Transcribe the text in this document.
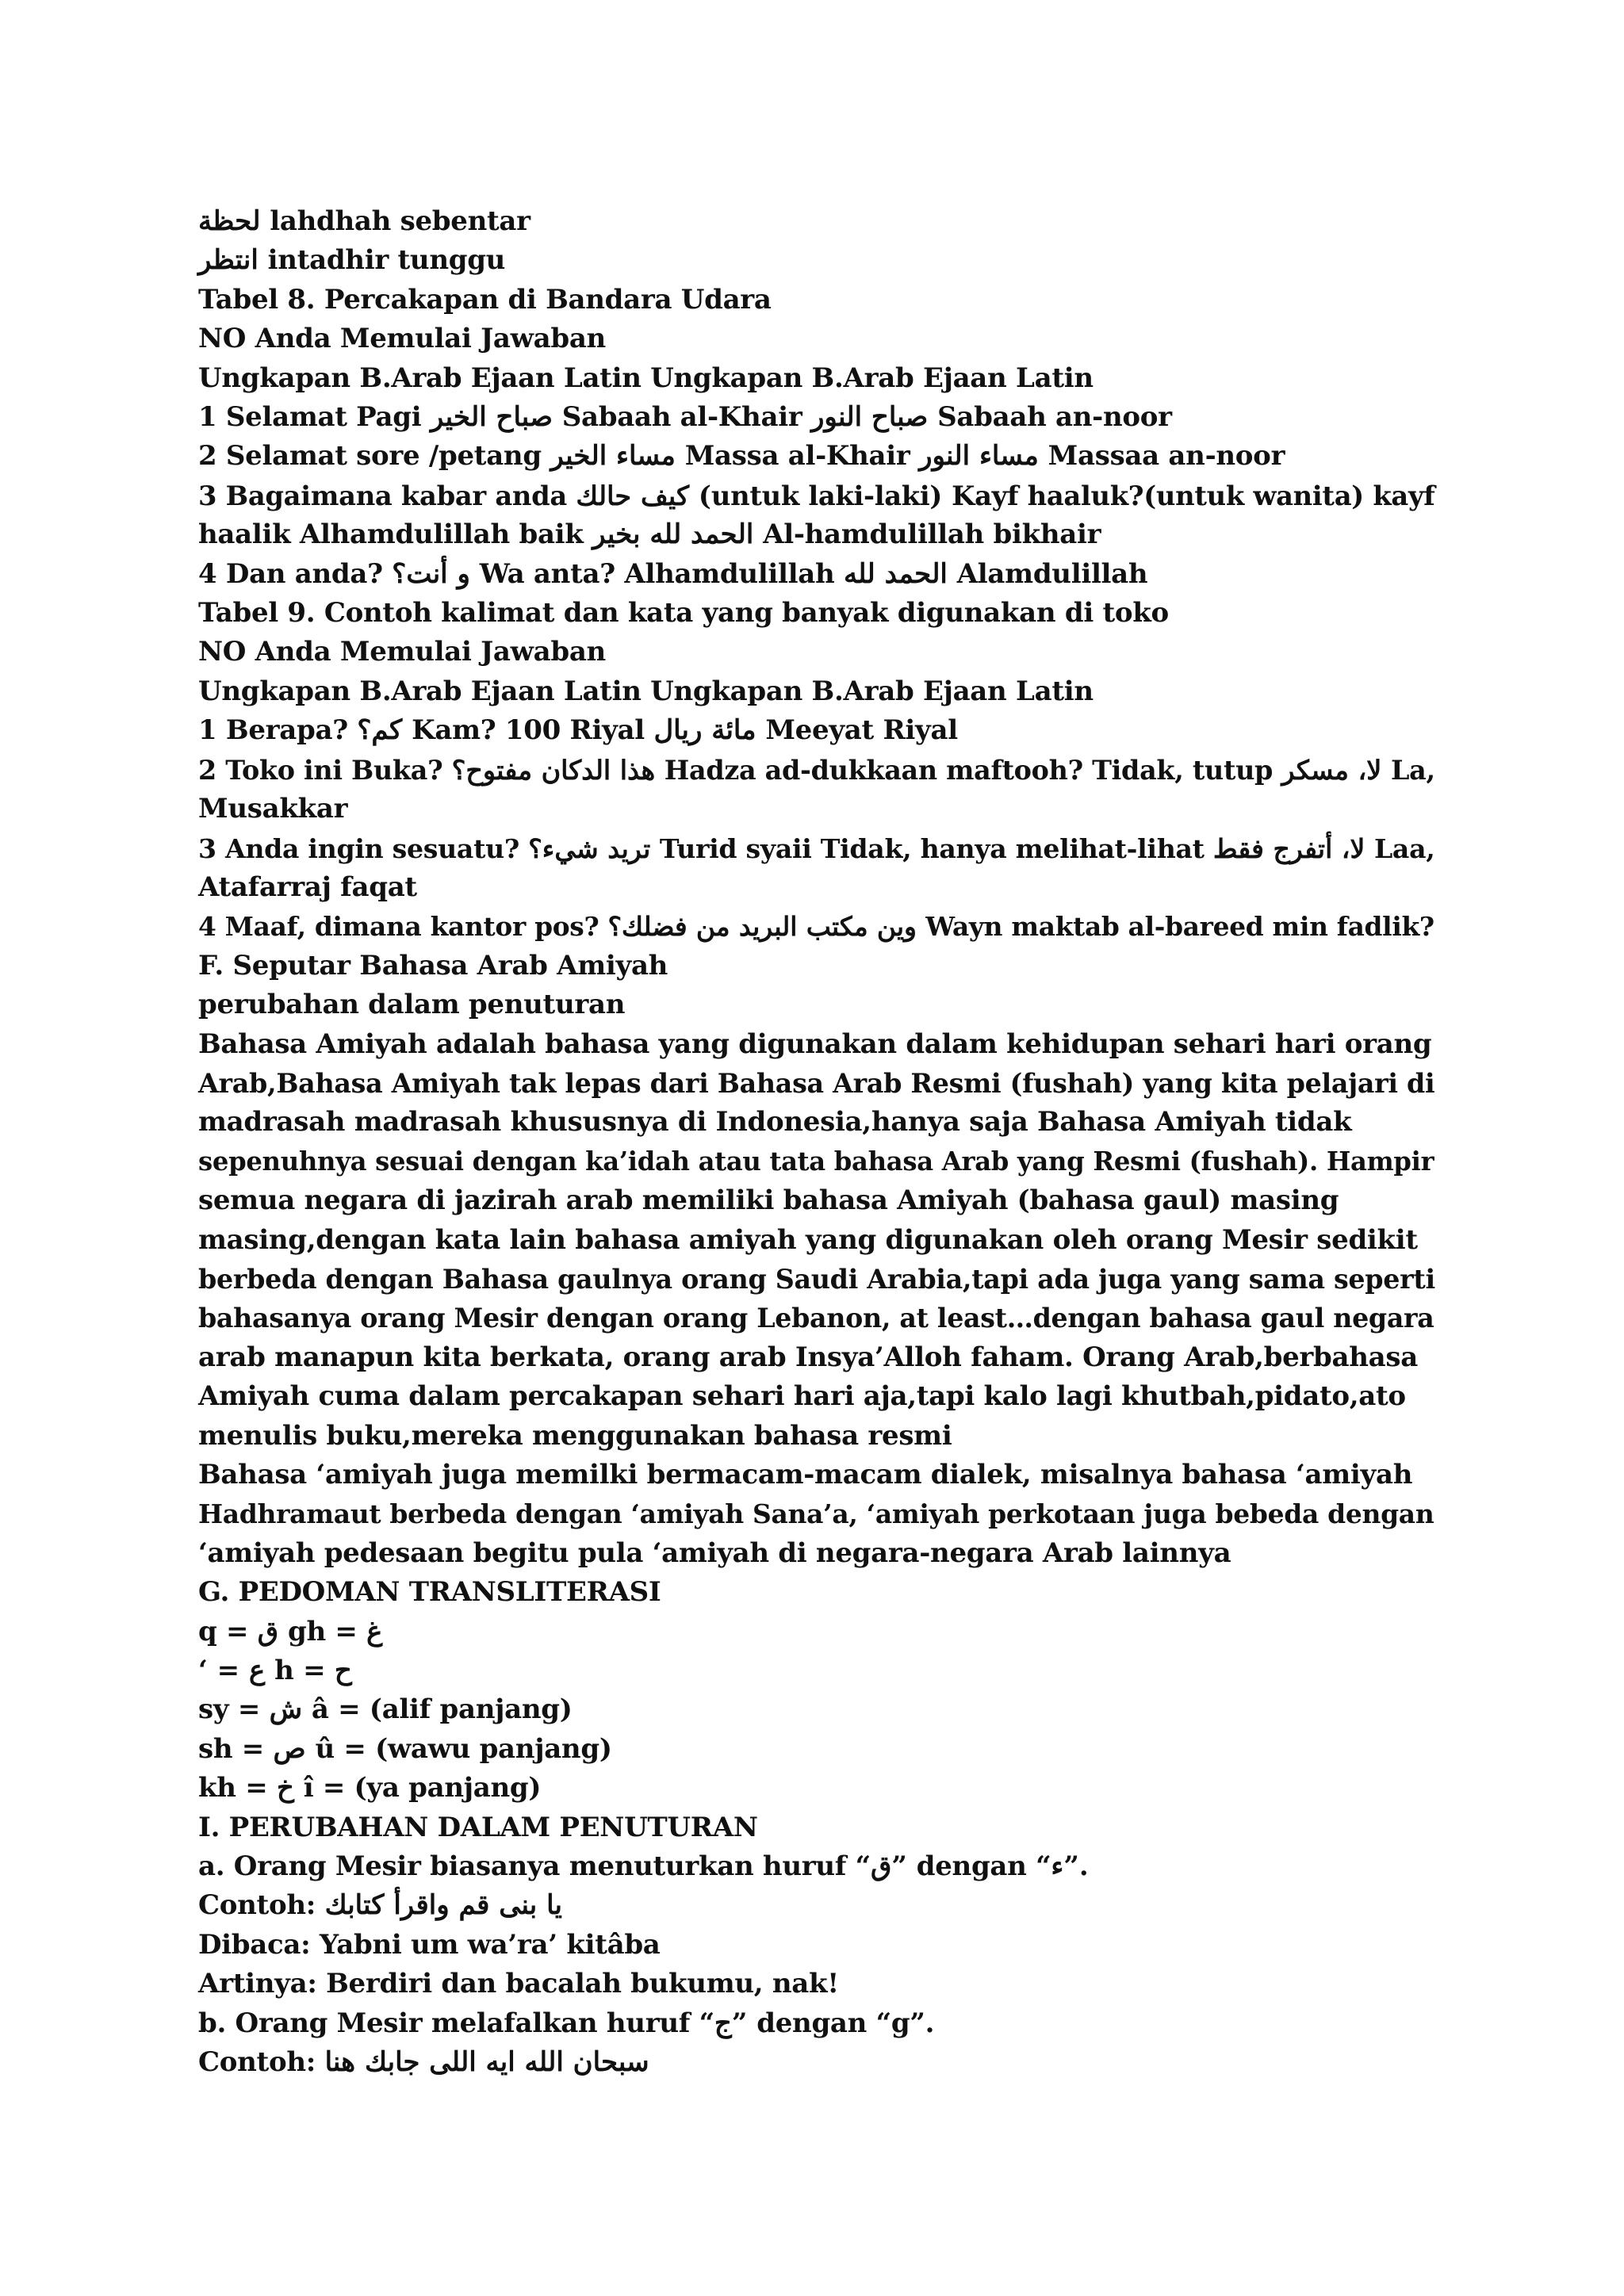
لحظة lahdhah sebentar
انتظر intadhir tunggu
Tabel 8. Percakapan di Bandara Udara
NO Anda Memulai Jawaban
Ungkapan B.Arab Ejaan Latin Ungkapan B.Arab Ejaan Latin
1 Selamat Pagi صباح الخير Sabaah al-Khair صباح النور Sabaah an-noor
2 Selamat sore /petang مساء الخير Massa al-Khair مساء النور Massaa an-noor
3 Bagaimana kabar anda كيف حالك (untuk laki-laki) Kayf haaluk?(untuk wanita) kayf
haalik Alhamdulillah baik الحمد لله بخير Al-hamdulillah bikhair
4 Dan anda? و أنت؟ Wa anta? Alhamdulillah الحمد لله Alamdulillah
Tabel 9. Contoh kalimat dan kata yang banyak digunakan di toko
NO Anda Memulai Jawaban
Ungkapan B.Arab Ejaan Latin Ungkapan B.Arab Ejaan Latin
1 Berapa? كم؟ Kam? 100 Riyal مائة ريال Meeyat Riyal
2 Toko ini Buka? هذا الدكان مفتوح؟ Hadza ad-dukkaan maftooh? Tidak, tutup لا، مسكر La,
Musakkar
3 Anda ingin sesuatu? تريد شيء؟ Turid syaii Tidak, hanya melihat-lihat لا، أتفرج فقط Laa,
Atafarraj faqat
4 Maaf, dimana kantor pos? وين مكتب البريد من فضلك؟ Wayn maktab al-bareed min fadlik?
F. Seputar Bahasa Arab Amiyah
perubahan dalam penuturan
Bahasa Amiyah adalah bahasa yang digunakan dalam kehidupan sehari hari orang
Arab,Bahasa Amiyah tak lepas dari Bahasa Arab Resmi (fushah) yang kita pelajari di
madrasah madrasah khususnya di Indonesia,hanya saja Bahasa Amiyah tidak
sepenuhnya sesuai dengan ka’idah atau tata bahasa Arab yang Resmi (fushah). Hampir
semua negara di jazirah arab memiliki bahasa Amiyah (bahasa gaul) masing
masing,dengan kata lain bahasa amiyah yang digunakan oleh orang Mesir sedikit
berbeda dengan Bahasa gaulnya orang Saudi Arabia,tapi ada juga yang sama seperti
bahasanya orang Mesir dengan orang Lebanon, at least…dengan bahasa gaul negara
arab manapun kita berkata, orang arab Insya’Alloh faham. Orang Arab,berbahasa
Amiyah cuma dalam percakapan sehari hari aja,tapi kalo lagi khutbah,pidato,ato
menulis buku,mereka menggunakan bahasa resmi
Bahasa ‘amiyah juga memilki bermacam-macam dialek, misalnya bahasa ‘amiyah
Hadhramaut berbeda dengan ‘amiyah Sana’a, ‘amiyah perkotaan juga bebeda dengan
‘amiyah pedesaan begitu pula ‘amiyah di negara-negara Arab lainnya
G. PEDOMAN TRANSLITERASI
q = ق gh = غ
‘ = ع h = ح
sy = ش â = (alif panjang)
sh = ص û = (wawu panjang)
kh = خ î = (ya panjang)
I. PERUBAHAN DALAM PENUTURAN
a. Orang Mesir biasanya menuturkan huruf “ق” dengan “ء”.
Contoh: يا بنى قم واقرأ كتابك
Dibaca: Yabni um wa’ra’ kitâba
Artinya: Berdiri dan bacalah bukumu, nak!
b. Orang Mesir melafalkan huruf “ج” dengan “g”.
Contoh: سبحان الله ايه اللى جابك هنا
